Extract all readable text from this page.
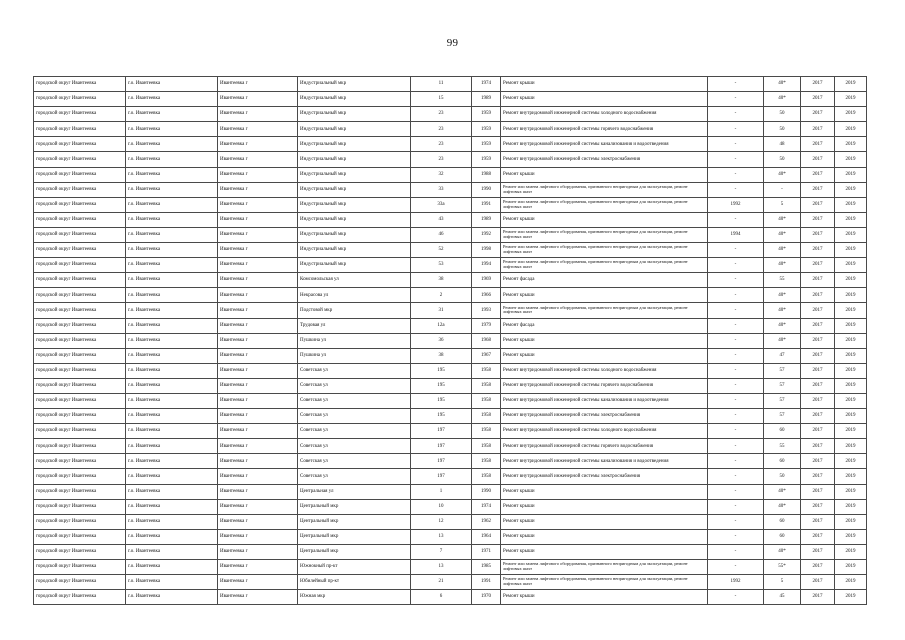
99
городской округ Ивантеевка	г.о. Ивантеевка	Ивантеевка г	Индустриальный мкр	11	1974	Ремонт крыши	-	40*	2017	2019
городской округ Ивантеевка	г.о. Ивантеевка	Ивантеевка г	Индустриальный мкр	15	1989	Ремонт крыши	-	40*	2017	2019
городской округ Ивантеевка	г.о. Ивантеевка	Ивантеевка г	Индустриальный мкр	23	1959	Ремонт внутридомовой инженерной системы холодного водоснабжения	-	50	2017	2019
городской округ Ивантеевка	г.о. Ивантеевка	Ивантеевка г	Индустриальный мкр	23	1959	Ремонт внутридомовой инженерной системы горячего водоснабжения	-	50	2017	2019
городской округ Ивантеевка	г.о. Ивантеевка	Ивантеевка г	Индустриальный мкр	23	1959	Ремонт внутридомовой инженерной системы канализования и водоотведения	-	48	2017	2019
городской округ Ивантеевка	г.о. Ивантеевка	Ивантеевка г	Индустриальный мкр	23	1959	Ремонт внутридомовой инженерной системы электроснабжения	-	50	2017	2019
городской округ Ивантеевка	г.о. Ивантеевка	Ивантеевка г	Индустриальный мкр	32	1988	Ремонт крыши	-	40*	2017	2019
городской округ Ивантеевка	г.о. Ивантеевка	Ивантеевка г	Индустриальный мкр	33	1990	Ремонт или замена лифтового оборудования, признанного непригодным для эксплуатации, ремонт лифтовых шахт	-	-	2017	2019
городской округ Ивантеевка	г.о. Ивантеевка	Ивантеевка г	Индустриальный мкр	33а	1991	Ремонт или замена лифтового оборудования, признанного непригодным для эксплуатации, ремонт лифтовых шахт	1992	5	2017	2019
городской округ Ивантеевка	г.о. Ивантеевка	Ивантеевка г	Индустриальный мкр	43	1989	Ремонт крыши	-	40*	2017	2019
городской округ Ивантеевка	г.о. Ивантеевка	Ивантеевка г	Индустриальный мкр	46	1992	Ремонт или замена лифтового оборудования, признанного непригодным для эксплуатации, ремонт лифтовых шахт	1994	40*	2017	2019
городской округ Ивантеевка	г.о. Ивантеевка	Ивантеевка г	Индустриальный мкр	52	1998	Ремонт или замена лифтового оборудования, признанного непригодным для эксплуатации, ремонт лифтовых шахт	-	40*	2017	2019
городской округ Ивантеевка	г.о. Ивантеевка	Ивантеевка г	Индустриальный мкр	53	1994	Ремонт или замена лифтового оборудования, признанного непригодным для эксплуатации, ремонт лифтовых шахт	-	40*	2017	2019
городской округ Ивантеевка	г.о. Ивантеевка	Ивантеевка г	Комсомольская ул	38	1969	Ремонт фасада	-	55	2017	2019
городской округ Ивантеевка	г.о. Ивантеевка	Ивантеевка г	Некрасова ул	2	1966	Ремонт крыши	-	40*	2017	2019
городской округ Ивантеевка	г.о. Ивантеевка	Ивантеевка г	Подстовой мкр	31	1993	Ремонт или замена лифтового оборудования, признанного непригодным для эксплуатации, ремонт лифтовых шахт	-	40*	2017	2019
городской округ Ивантеевка	г.о. Ивантеевка	Ивантеевка г	Трудовая ул	12а	1979	Ремонт фасада	-	40*	2017	2019
городской округ Ивантеевка	г.о. Ивантеевка	Ивантеевка г	Пушкина ул	36	1968	Ремонт крыши	-	40*	2017	2019
городской округ Ивантеевка	г.о. Ивантеевка	Ивантеевка г	Пушкина ул	38	1967	Ремонт крыши	-	47	2017	2019
городской округ Ивантеевка	г.о. Ивантеевка	Ивантеевка г	Советская ул	195	1958	Ремонт внутридомовой инженерной системы холодного водоснабжения	-	57	2017	2019
городской округ Ивантеевка	г.о. Ивантеевка	Ивантеевка г	Советская ул	195	1958	Ремонт внутридомовой инженерной системы горячего водоснабжения	-	57	2017	2019
городской округ Ивантеевка	г.о. Ивантеевка	Ивантеевка г	Советская ул	195	1958	Ремонт внутридомовой инженерной системы канализования и водоотведения	-	57	2017	2019
городской округ Ивантеевка	г.о. Ивантеевка	Ивантеевка г	Советская ул	195	1958	Ремонт внутридомовой инженерной системы электроснабжения	-	57	2017	2019
городской округ Ивантеевка	г.о. Ивантеевка	Ивантеевка г	Советская ул	197	1958	Ремонт внутридомовой инженерной системы холодного водоснабжения	-	60	2017	2019
городской округ Ивантеевка	г.о. Ивантеевка	Ивантеевка г	Советская ул	197	1958	Ремонт внутридомовой инженерной системы горячего водоснабжения	-	55	2017	2019
городской округ Ивантеевка	г.о. Ивантеевка	Ивантеевка г	Советская ул	197	1958	Ремонт внутридомовой инженерной системы канализования и водоотведения	-	60	2017	2019
городской округ Ивантеевка	г.о. Ивантеевка	Ивантеевка г	Советская ул	197	1958	Ремонт внутридомовой инженерной системы электроснабжения	-	50	2017	2019
городской округ Ивантеевка	г.о. Ивантеевка	Ивантеевка г	Центральная ул	1	1990	Ремонт крыши	-	40*	2017	2019
городской округ Ивантеевка	г.о. Ивантеевка	Ивантеевка г	Центральный мкр	10	1974	Ремонт крыши	-	40*	2017	2019
городской округ Ивантеевка	г.о. Ивантеевка	Ивантеевка г	Центральный мкр	12	1962	Ремонт крыши	-	60	2017	2019
городской округ Ивантеевка	г.о. Ивантеевка	Ивантеевка г	Центральный мкр	13	1964	Ремонт крыши	-	60	2017	2019
городской округ Ивантеевка	г.о. Ивантеевка	Ивантеевка г	Центральный мкр	7	1971	Ремонт крыши	-	40*	2017	2019
городской округ Ивантеевка	г.о. Ивантеевка	Ивантеевка г	Южнокный пр-кт	13	1985	Ремонт или замена лифтового оборудования, признанного непригодным для эксплуатации, ремонт лифтовых шахт	-	55*	2017	2019
городской округ Ивантеевка	г.о. Ивантеевка	Ивантеевка г	Юбилейный пр-кт	21	1991	Ремонт или замена лифтового оборудования, признанного непригодным для эксплуатации, ремонт лифтовых шахт	1992	5	2017	2019
городской округ Ивантеевка	г.о. Ивантеевка	Ивантеевка г	Южная мкр	6	1970	Ремонт крыши	-	45	2017	2019
